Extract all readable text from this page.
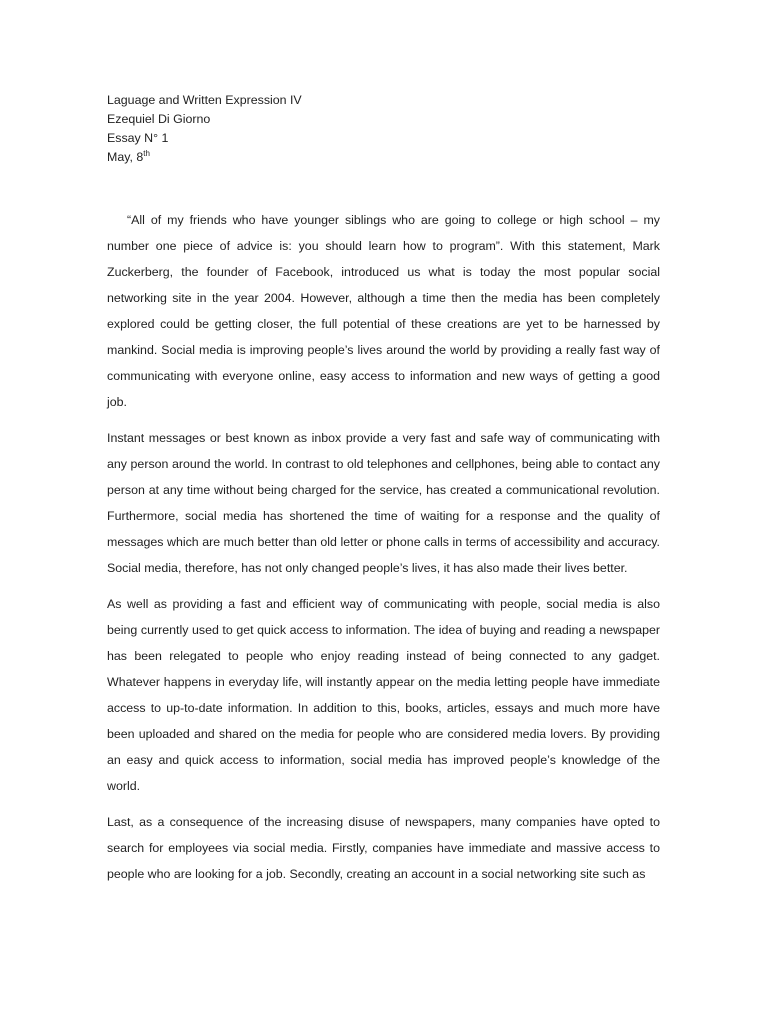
Laguage and Written Expression IV
Ezequiel Di Giorno
Essay N° 1
May, 8th

“All of my friends who have younger siblings who are going to college or high school – my number one piece of advice is: you should learn how to program”. With this statement, Mark Zuckerberg, the founder of Facebook, introduced us what is today the most popular social networking site in the year 2004. However, although a time then the media has been completely explored could be getting closer, the full potential of these creations are yet to be harnessed by mankind. Social media is improving people’s lives around the world by providing a really fast way of communicating with everyone online, easy access to information and new ways of getting a good job.

Instant messages or best known as inbox provide a very fast and safe way of communicating with any person around the world. In contrast to old telephones and cellphones, being able to contact any person at any time without being charged for the service, has created a communicational revolution. Furthermore, social media has shortened the time of waiting for a response and the quality of messages which are much better than old letter or phone calls in terms of accessibility and accuracy. Social media, therefore, has not only changed people’s lives, it has also made their lives better.

As well as providing a fast and efficient way of communicating with people, social media is also being currently used to get quick access to information. The idea of buying and reading a newspaper has been relegated to people who enjoy reading instead of being connected to any gadget. Whatever happens in everyday life, will instantly appear on the media letting people have immediate access to up-to-date information. In addition to this, books, articles, essays and much more have been uploaded and shared on the media for people who are considered media lovers. By providing an easy and quick access to information, social media has improved people’s knowledge of the world.

Last, as a consequence of the increasing disuse of newspapers, many companies have opted to search for employees via social media. Firstly, companies have immediate and massive access to people who are looking for a job. Secondly, creating an account in a social networking site such as
